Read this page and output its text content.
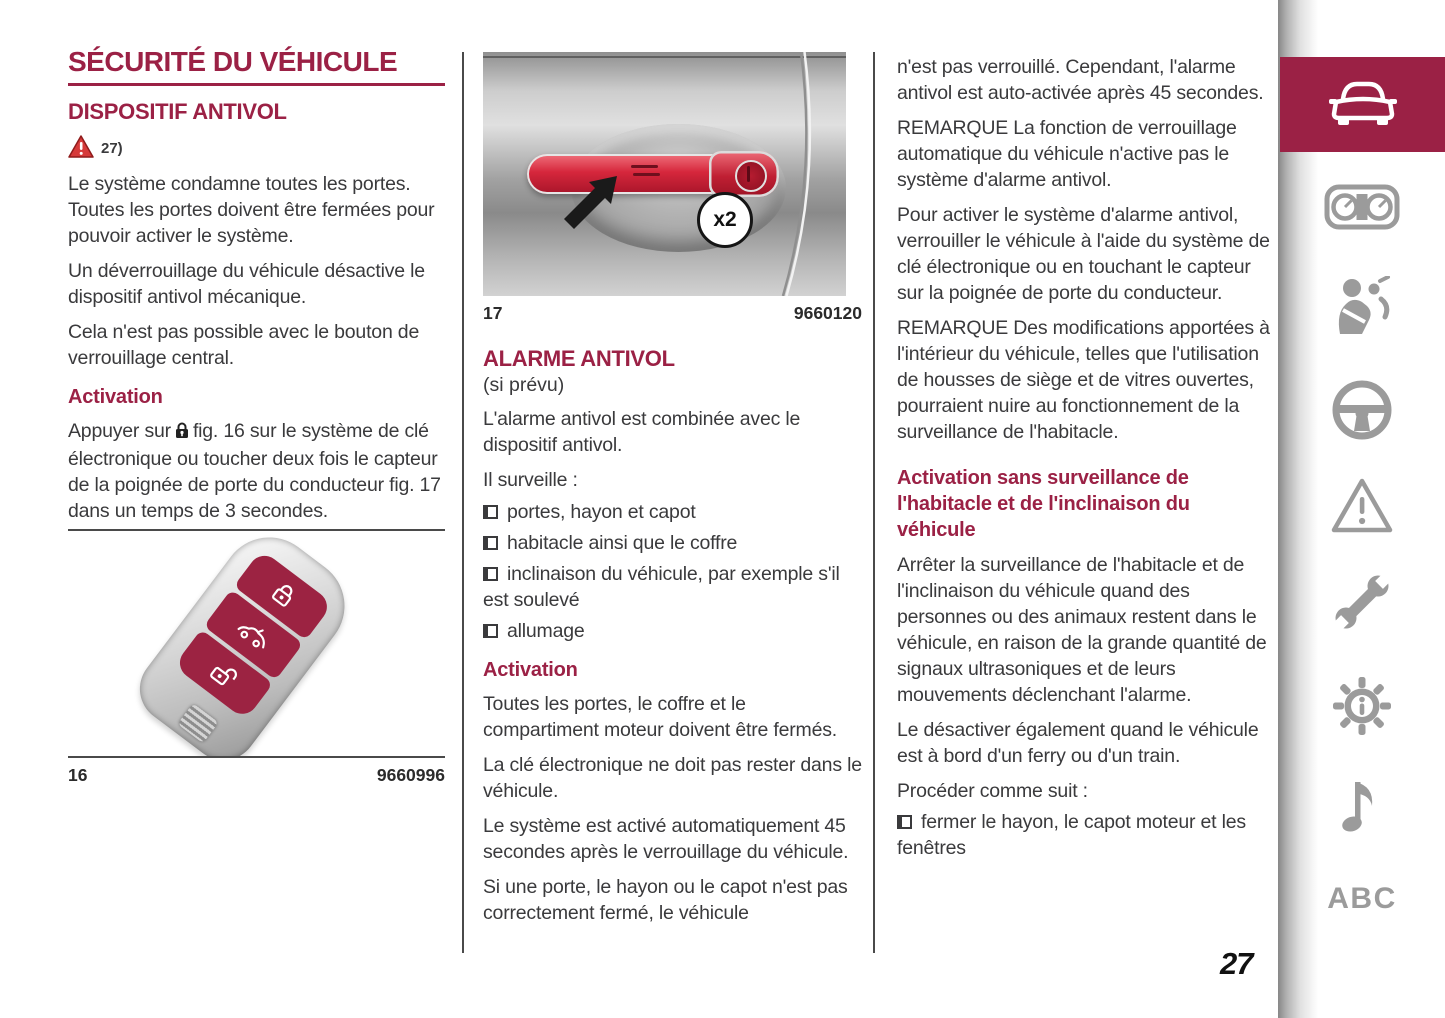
SÉCURITÉ DU VÉHICULE
DISPOSITIF ANTIVOL
27)

Le système condamne toutes les portes. Toutes les portes doivent être fermées pour pouvoir activer le système.

Un déverrouillage du véhicule désactive le dispositif antivol mécanique.

Cela n'est pas possible avec le bouton de verrouillage central.

Activation

Appuyer sur fig. 16 sur le système de clé électronique ou toucher deux fois le capteur de la poignée de porte du conducteur fig. 17 dans un temps de 3 secondes.

16	9660996
x2
17	9660120
ALARME ANTIVOL

(si prévu)

L'alarme antivol est combinée avec le dispositif antivol.

Il surveille :

portes, hayon et capot

habitacle ainsi que le coffre

inclinaison du véhicule, par exemple s'il est soulevé

allumage

Activation

Toutes les portes, le coffre et le compartiment moteur doivent être fermés.

La clé électronique ne doit pas rester dans le véhicule.

Le système est activé automatiquement 45 secondes après le verrouillage du véhicule.

Si une porte, le hayon ou le capot n'est pas correctement fermé, le véhicule

n'est pas verrouillé. Cependant, l'alarme antivol est auto-activée après 45 secondes.

REMARQUE La fonction de verrouillage automatique du véhicule n'active pas le système d'alarme antivol.

Pour activer le système d'alarme antivol, verrouiller le véhicule à l'aide du système de clé électronique ou en touchant le capteur sur la poignée de porte du conducteur.

REMARQUE Des modifications apportées à l'intérieur du véhicule, telles que l'utilisation de housses de siège et de vitres ouvertes, pourraient nuire au fonctionnement de la surveillance de l'habitacle.

Activation sans surveillance de l'habitacle et de l'inclinaison du véhicule

Arrêter la surveillance de l'habitacle et de l'inclinaison du véhicule quand des personnes ou des animaux restent dans le véhicule, en raison de la grande quantité de signaux ultrasoniques et de leurs mouvements déclenchant l'alarme.

Le désactiver également quand le véhicule est à bord d'un ferry ou d'un train.

Procéder comme suit :

fermer le hayon, le capot moteur et les fenêtres

ABC
27
